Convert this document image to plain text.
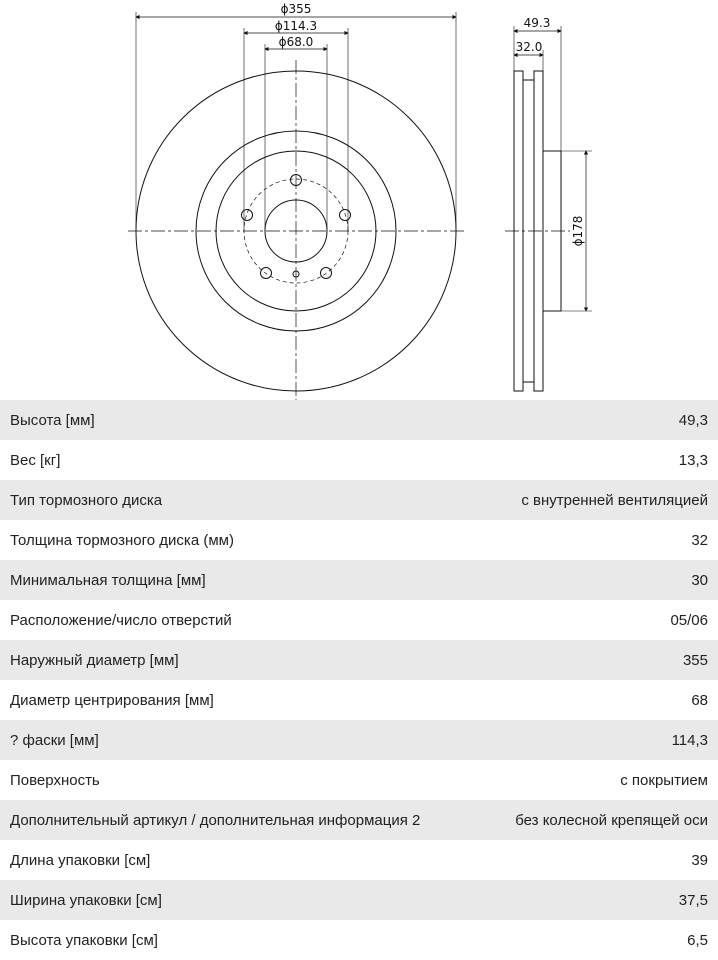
ϕ355
ϕ114.3
ϕ68.0
49.3
32.0
ϕ178
Высота [мм]	49,3
Вес [кг]	13,3
Тип тормозного диска	с внутренней вентиляцией
Толщина тормозного диска (мм)	32
Минимальная толщина [мм]	30
Расположение/число отверстий	05/06
Наружный диаметр [мм]	355
Диаметр центрирования [мм]	68
? фаски [мм]	114,3
Поверхность	с покрытием
Дополнительный артикул / дополнительная информация 2	без колесной крепящей оси
Длина упаковки [см]	39
Ширина упаковки [см]	37,5
Высота упаковки [см]	6,5
